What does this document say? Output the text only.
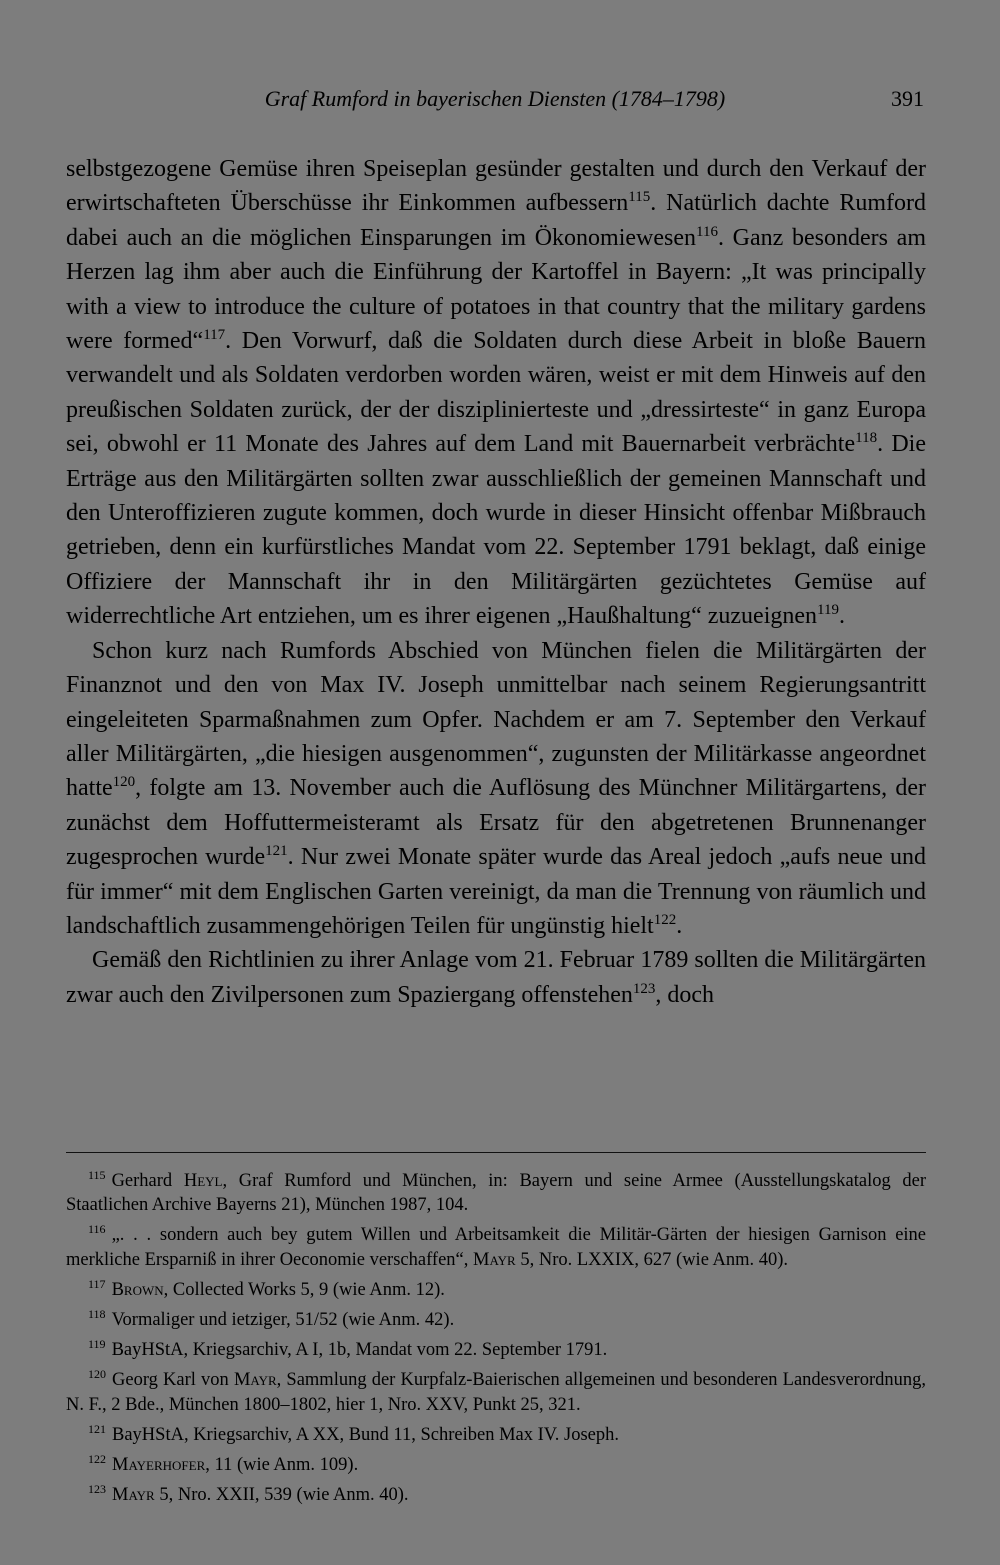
Graf Rumford in bayerischen Diensten (1784–1798)	391

selbstgezogene Gemüse ihren Speiseplan gesünder gestalten und durch den Verkauf der erwirtschafteten Überschüsse ihr Einkommen aufbessern$^{115}$. Natürlich dachte Rumford dabei auch an die möglichen Einsparungen im Ökonomiewesen$^{116}$. Ganz besonders am Herzen lag ihm aber auch die Einführung der Kartoffel in Bayern: „It was principally with a view to introduce the culture of potatoes in that country that the military gardens were formed“$^{117}$. Den Vorwurf, daß die Soldaten durch diese Arbeit in bloße Bauern verwandelt und als Soldaten verdorben worden wären, weist er mit dem Hinweis auf den preußischen Soldaten zurück, der der diszipliniertestе und „dressirteste“ in ganz Europa sei, obwohl er 11 Monate des Jahres auf dem Land mit Bauernarbeit verbrächte$^{118}$. Die Erträge aus den Militärgärten sollten zwar ausschließlich der gemeinen Mannschaft und den Unteroffizieren zugute kommen, doch wurde in dieser Hinsicht offenbar Mißbrauch getrieben, denn ein kurfürstliches Mandat vom 22. September 1791 beklagt, daß einige Offiziere der Mannschaft ihr in den Militärgärten gezüchtetes Gemüse auf widerrechtliche Art entziehen, um es ihrer eigenen „Haußhaltung“ zuzueignen$^{119}$.

Schon kurz nach Rumfords Abschied von München fielen die Militärgärten der Finanznot und den von Max IV. Joseph unmittelbar nach seinem Regierungsantritt eingeleiteten Sparmaßnahmen zum Opfer. Nachdem er am 7. September den Verkauf aller Militärgärten, „die hiesigen ausgenommen“, zugunsten der Militärkasse angeordnet hatte$^{120}$, folgte am 13. November auch die Auflösung des Münchner Militärgartens, der zunächst dem Hoffuttermeisteramt als Ersatz für den abgetretenen Brunnenanger zugesprochen wurde$^{121}$. Nur zwei Monate später wurde das Areal jedoch „aufs neue und für immer“ mit dem Englischen Garten vereinigt, da man die Trennung von räumlich und landschaftlich zusammengehörigen Teilen für ungünstig hielt$^{122}$.

Gemäß den Richtlinien zu ihrer Anlage vom 21. Februar 1789 sollten die Militärgärten zwar auch den Zivilpersonen zum Spaziergang offenstehen$^{123}$, doch

$^{115}$ Gerhard Heyl, Graf Rumford und München, in: Bayern und seine Armee (Ausstellungskatalog der Staatlichen Archive Bayerns 21), München 1987, 104.

$^{116}$ „. . . sondern auch bey gutem Willen und Arbeitsamkeit die Militär-Gärten der hiesigen Garnison eine merkliche Ersparniß in ihrer Oeconomie verschaffen“, Mayr 5, Nro. LXXIX, 627 (wie Anm. 40).

$^{117}$ Brown, Collected Works 5, 9 (wie Anm. 12).

$^{118}$ Vormaliger und ietziger, 51/52 (wie Anm. 42).

$^{119}$ BayHStA, Kriegsarchiv, A I, 1b, Mandat vom 22. September 1791.

$^{120}$ Georg Karl von Mayr, Sammlung der Kurpfalz-Baierischen allgemeinen und besonderen Landesverordnung, N. F., 2 Bde., München 1800–1802, hier 1, Nro. XXV, Punkt 25, 321.

$^{121}$ BayHStA, Kriegsarchiv, A XX, Bund 11, Schreiben Max IV. Joseph.

$^{122}$ Mayerhofer, 11 (wie Anm. 109).

$^{123}$ Mayr 5, Nro. XXII, 539 (wie Anm. 40).
